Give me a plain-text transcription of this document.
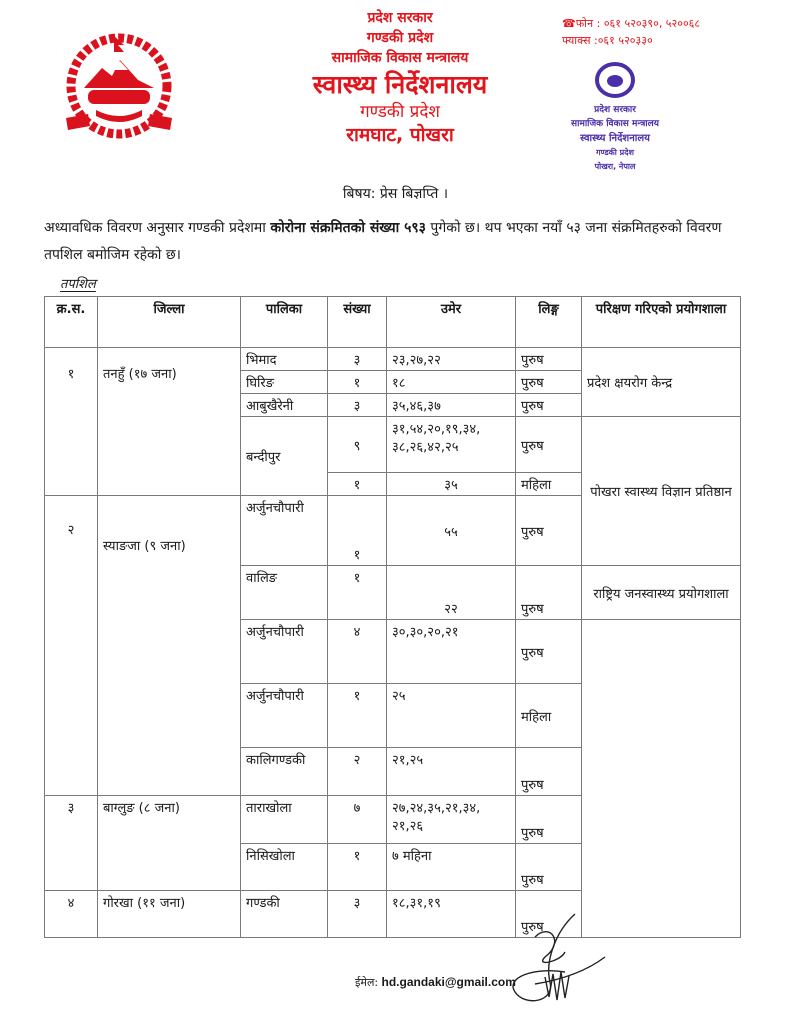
प्रदेश सरकार
गण्डकी प्रदेश
सामाजिक विकास मन्त्रालय
स्वास्थ्य निर्देशनालय
गण्डकी प्रदेश
रामघाट, पोखरा
प्रदेश सरकार
सामाजिक विकास मन्त्रालय
स्वास्थ्य निर्देशनालय
गण्डकी प्रदेश
पोखरा, नेपाल
☎फोन : ०६१ ५२०३९०, ५२००६८
फ्याक्स :०६१ ५२०३३०
बिषय: प्रेस बिज्ञप्ति ।
अध्यावधिक विवरण अनुसार गण्डकी प्रदेशमा कोरोना संक्रमितको संख्या ५९३ पुगेको छ। थप भएका नयाँ ५३ जना संक्रमितहरुको विवरण तपशिल बमोजिम रहेको छ।
तपशिल
क्र.स.	जिल्ला	पालिका	संख्या	उमेर	लिङ्ग	परिक्षण गरिएको प्रयोगशाला
१	तनहुँ (१७ जना)	भिमाद	३	२३,२७,२२	पुरुष	प्रदेश क्षयरोग केन्द्र
		घिरिङ	१	१८	पुरुष	
		आबुखैरेनी	३	३५,४६,३७	पुरुष	
		बन्दीपुर	९	३१,५४,२०,१९,३४, ३८,२६,४२,२५	पुरुष	पोखरा स्वास्थ्य विज्ञान प्रतिष्ठान
			१	३५	महिला	
२	स्याङजा (९ जना)	अर्जुनचौपारी	१	५५	पुरुष	
		वालिङ	१	२२	पुरुष	राष्ट्रिय जनस्वास्थ्य प्रयोगशाला
		अर्जुनचौपारी	४	३०,३०,२०,२१	पुरुष	
		अर्जुनचौपारी	१	२५	महिला	
		कालिगण्डकी	२	२१,२५	पुरुष	
३	बाग्लुङ (८ जना)	ताराखोला	७	२७,२४,३५,२१,३४, २१,२६	पुरुष	
		निसिखोला	१	७ महिना	पुरुष	
४	गोरखा (११ जना)	गण्डकी	३	१८,३१,१९	पुरुष	
ईमेल: hd.gandaki@gmail.com
